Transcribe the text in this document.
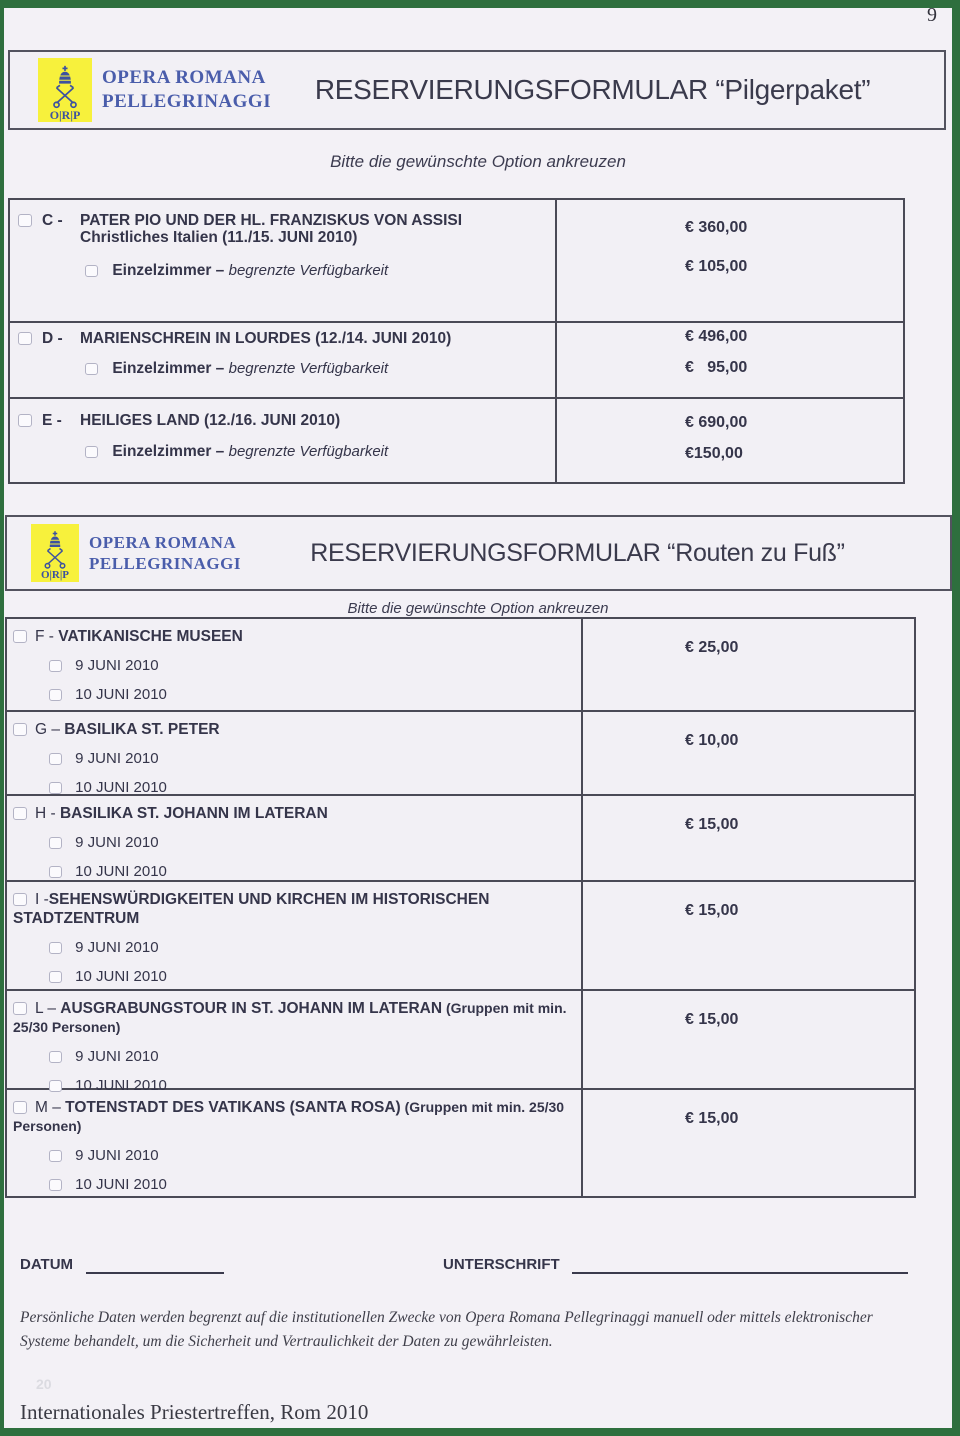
9
O|R|P
OPERA ROMANA
PELLEGRINAGGI	RESERVIERUNGSFORMULAR “Pilgerpaket”
Bitte die gewünschte Option ankreuzen
C -	PATER PIO UND DER HL. FRANZISKUS VON ASSISI
Christliches Italien (11./15. JUNI 2010)
Einzelzimmer – begrenzte Verfügbarkeit
€ 360,00
€ 105,00
D -	MARIENSCHREIN IN LOURDES (12./14. JUNI 2010)
Einzelzimmer – begrenzte Verfügbarkeit
€ 496,00
€   95,00
E -	HEILIGES LAND (12./16. JUNI 2010)
Einzelzimmer – begrenzte Verfügbarkeit
€ 690,00
€150,00
O|R|P
OPERA ROMANA
PELLEGRINAGGI	RESERVIERUNGSFORMULAR “Routen zu Fuß”
Bitte die gewünschte Option ankreuzen
F - VATIKANISCHE MUSEEN
9 JUNI 2010
10 JUNI 2010
€ 25,00
G – BASILIKA ST. PETER
9 JUNI 2010
10 JUNI 2010
€ 10,00
H - BASILIKA ST. JOHANN IM LATERAN
9 JUNI 2010
10 JUNI 2010
€ 15,00
I -SEHENSWÜRDIGKEITEN UND KIRCHEN IM HISTORISCHEN STADTZENTRUM
9 JUNI 2010
10 JUNI 2010
€ 15,00
L – AUSGRABUNGSTOUR IN ST. JOHANN IM LATERAN (Gruppen mit min. 25/30 Personen)
9 JUNI 2010
10 JUNI 2010
€ 15,00
M – TOTENSTADT DES VATIKANS (SANTA ROSA) (Gruppen mit min. 25/30 Personen)
9 JUNI 2010
10 JUNI 2010
€ 15,00
DATUM	UNTERSCHRIFT
Persönliche Daten werden begrenzt auf die institutionellen Zwecke von Opera Romana Pellegrinaggi manuell oder mittels elektronischer Systeme behandelt, um die Sicherheit und Vertraulichkeit der Daten zu gewährleisten.
20
Internationales Priestertreffen, Rom 2010
